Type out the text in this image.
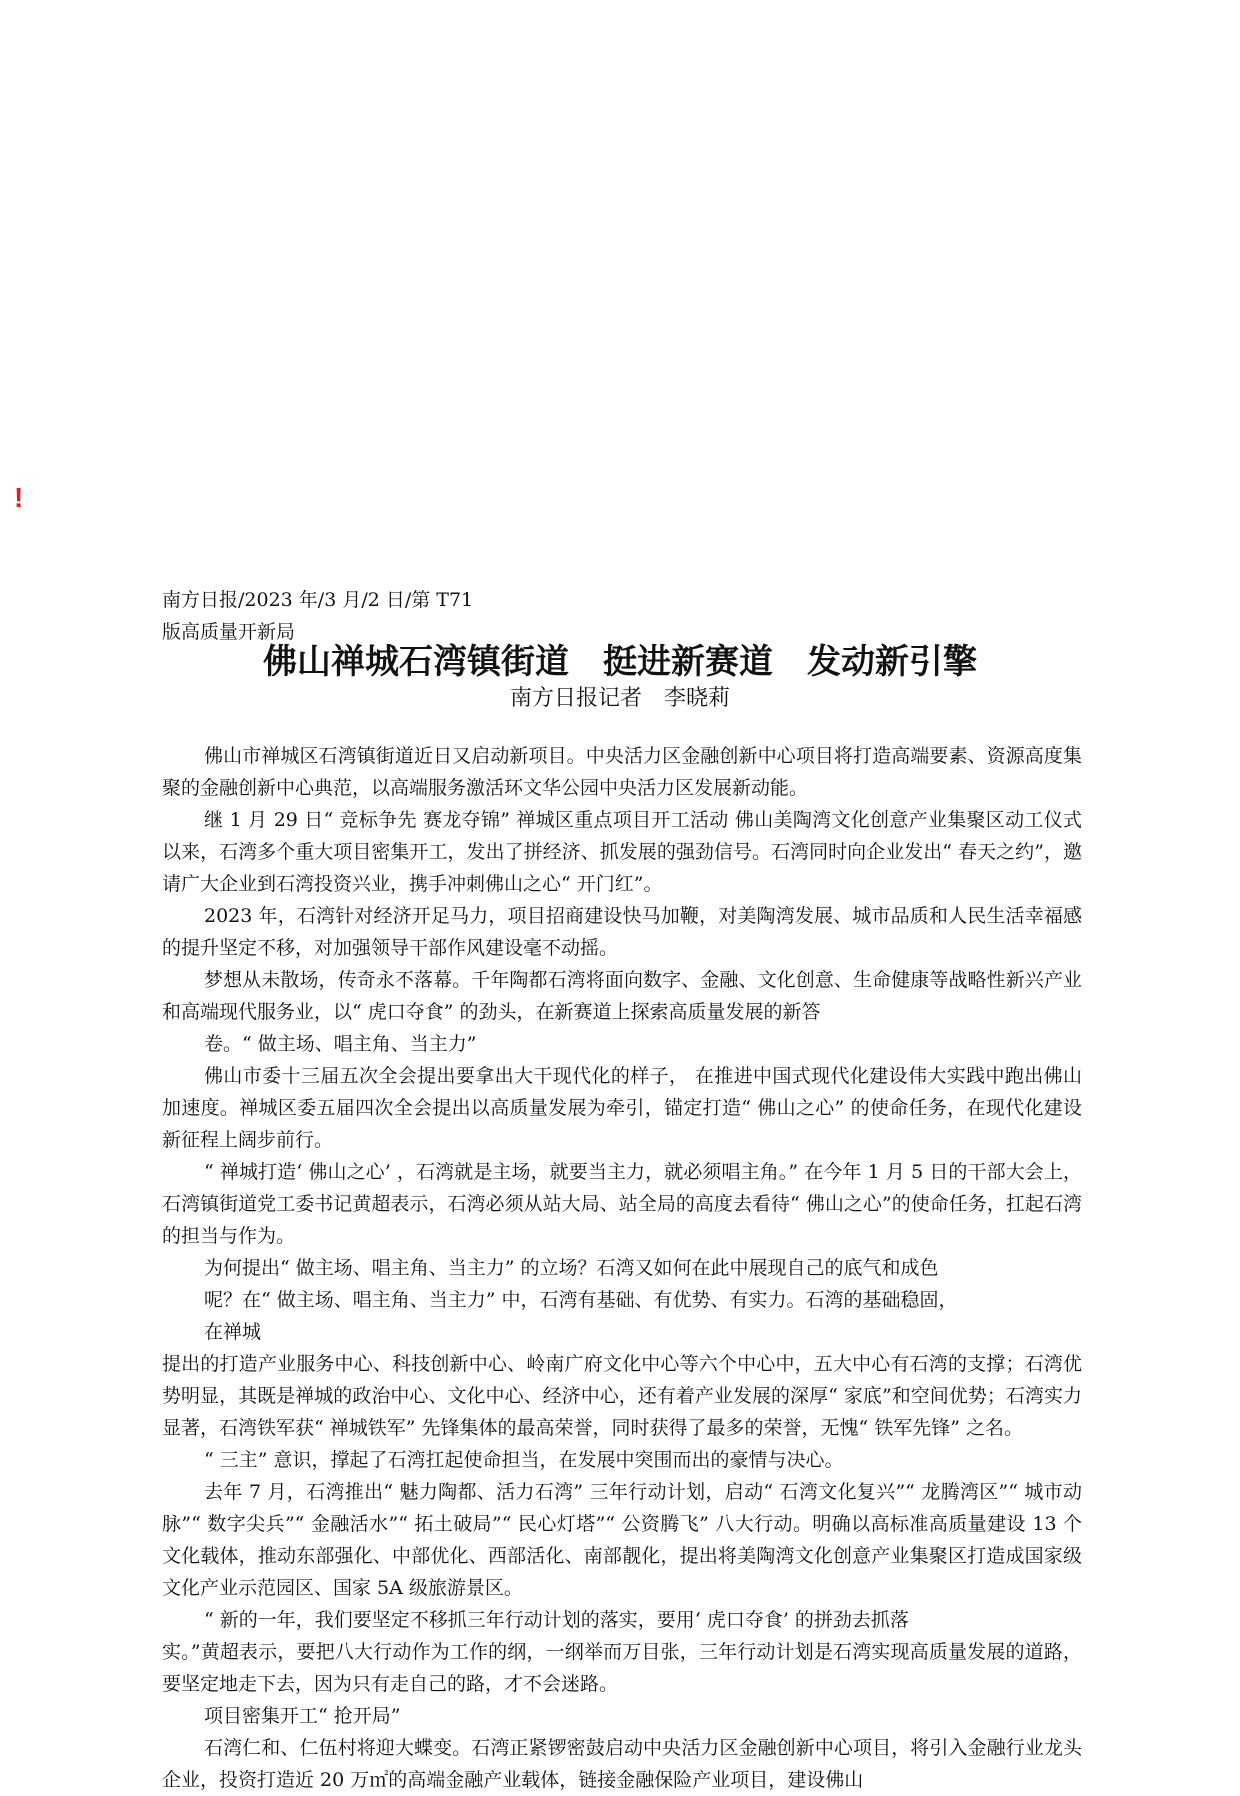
!
南方日报/2023 年/3 月/2 日/第 T71
版高质量开新局
佛山禅城石湾镇街道　挺进新赛道　发动新引擎
南方日报记者　李晓莉

佛山市禅城区石湾镇街道近日又启动新项目。中央活力区金融创新中心项目将打造高端要素、资源高度集聚的金融创新中心典范，以高端服务激活环文华公园中央活力区发展新动能。

继 1 月 29 日“ 竞标争先 赛龙夺锦” 禅城区重点项目开工活动 佛山美陶湾文化创意产业集聚区动工仪式以来，石湾多个重大项目密集开工，发出了拼经济、抓发展的强劲信号。石湾同时向企业发出“ 春天之约”，邀请广大企业到石湾投资兴业，携手冲刺佛山之心“ 开门红”。

2023 年，石湾针对经济开足马力，项目招商建设快马加鞭，对美陶湾发展、城市品质和人民生活幸福感的提升坚定不移，对加强领导干部作风建设毫不动摇。

梦想从未散场，传奇永不落幕。千年陶都石湾将面向数字、金融、文化创意、生命健康等战略性新兴产业和高端现代服务业，以“ 虎口夺食” 的劲头，在新赛道上探索高质量发展的新答

卷。“ 做主场、唱主角、当主力”

佛山市委十三届五次全会提出要拿出大干现代化的样子， 在推进中国式现代化建设伟大实践中跑出佛山加速度。禅城区委五届四次全会提出以高质量发展为牵引，锚定打造“ 佛山之心” 的使命任务，在现代化建设新征程上阔步前行。

“ 禅城打造‘ 佛山之心’ ，石湾就是主场，就要当主力，就必须唱主角。” 在今年 1 月 5 日的干部大会上，石湾镇街道党工委书记黄超表示，石湾必须从站大局、站全局的高度去看待“ 佛山之心”的使命任务，扛起石湾的担当与作为。

为何提出“ 做主场、唱主角、当主力” 的立场？石湾又如何在此中展现自己的底气和成色

呢？在“ 做主场、唱主角、当主力” 中，石湾有基础、有优势、有实力。石湾的基础稳固，

在禅城

提出的打造产业服务中心、科技创新中心、岭南广府文化中心等六个中心中，五大中心有石湾的支撑；石湾优势明显，其既是禅城的政治中心、文化中心、经济中心，还有着产业发展的深厚“ 家底”和空间优势；石湾实力显著，石湾铁军获“ 禅城铁军” 先锋集体的最高荣誉，同时获得了最多的荣誉，无愧“ 铁军先锋” 之名。

“ 三主” 意识，撑起了石湾扛起使命担当，在发展中突围而出的豪情与决心。

去年 7 月，石湾推出“ 魅力陶都、活力石湾” 三年行动计划，启动“ 石湾文化复兴”“ 龙腾湾区”“ 城市动脉”“ 数字尖兵”“ 金融活水”“ 拓土破局”“ 民心灯塔”“ 公资腾飞” 八大行动。明确以高标准高质量建设 13 个文化载体，推动东部强化、中部优化、西部活化、南部靓化，提出将美陶湾文化创意产业集聚区打造成国家级文化产业示范园区、国家 5A 级旅游景区。

“ 新的一年，我们要坚定不移抓三年行动计划的落实，要用‘ 虎口夺食’ 的拼劲去抓落

实。”黄超表示，要把八大行动作为工作的纲，一纲举而万目张，三年行动计划是石湾实现高质量发展的道路，要坚定地走下去，因为只有走自己的路，才不会迷路。

项目密集开工“ 抢开局”

石湾仁和、仁伍村将迎大蝶变。石湾正紧锣密鼓启动中央活力区金融创新中心项目，将引入金融行业龙头企业，投资打造近 20 万㎡的高端金融产业载体，链接金融保险产业项目，建设佛山
